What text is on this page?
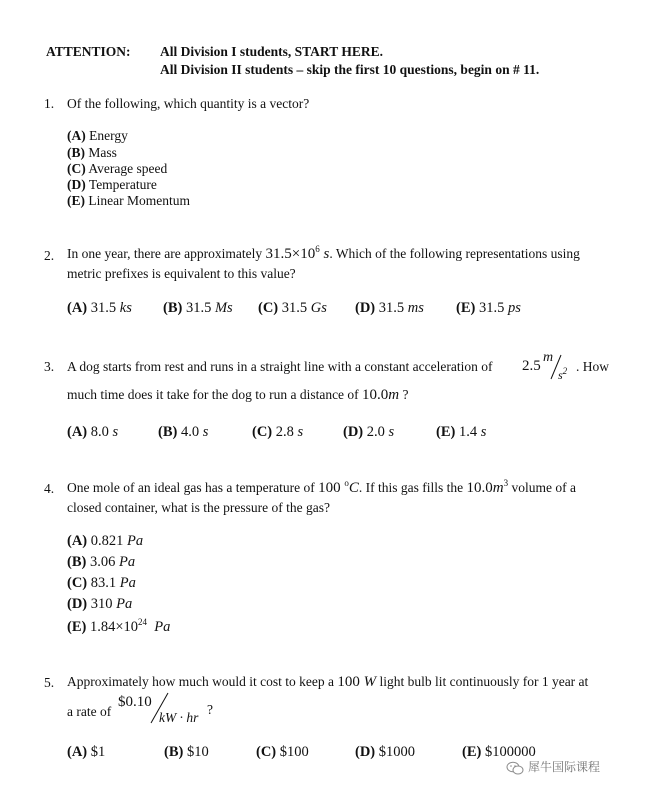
ATTENTION: All Division I students, START HERE.
All Division II students – skip the first 10 questions, begin on # 11.
1. Of the following, which quantity is a vector?
(A) Energy
(B) Mass
(C) Average speed
(D) Temperature
(E) Linear Momentum
2. In one year, there are approximately $31.5\times 10^6$ s. Which of the following representations using
metric prefixes is equivalent to this value?
(A) 31.5 ks (B) 31.5 Ms (C) 31.5 Gs (D) 31.5 ms (E) 31.5 ps
3. A dog starts from rest and runs in a straight line with a constant acceleration of 2.5
m
$s^2$ . How
much time does it take for the dog to run a distance of 10.0m ?
(A) 8.0 s	(B) 4.0 s	(C) 2.8 s	(D) 2.0 s	(E) 1.4 s
4. One mole of an ideal gas has a temperature of 100 $^o$C. If this gas fills the $10.0m^3$ volume of a
closed container, what is the pressure of the gas?
(A) 0.821 Pa
(B) 3.06 Pa
(C) 83.1 Pa
(D) 310 Pa
(E) $1.84\times 10^{24}$ Pa
5. Approximately how much would it cost to keep a 100 W light bulb lit continuously for 1 year at
a rate of
$0.10
kW · hr
?
(A) $1	(B) $10	(C) $100	(D) $1000	(E) $100000
犀牛国际课程
